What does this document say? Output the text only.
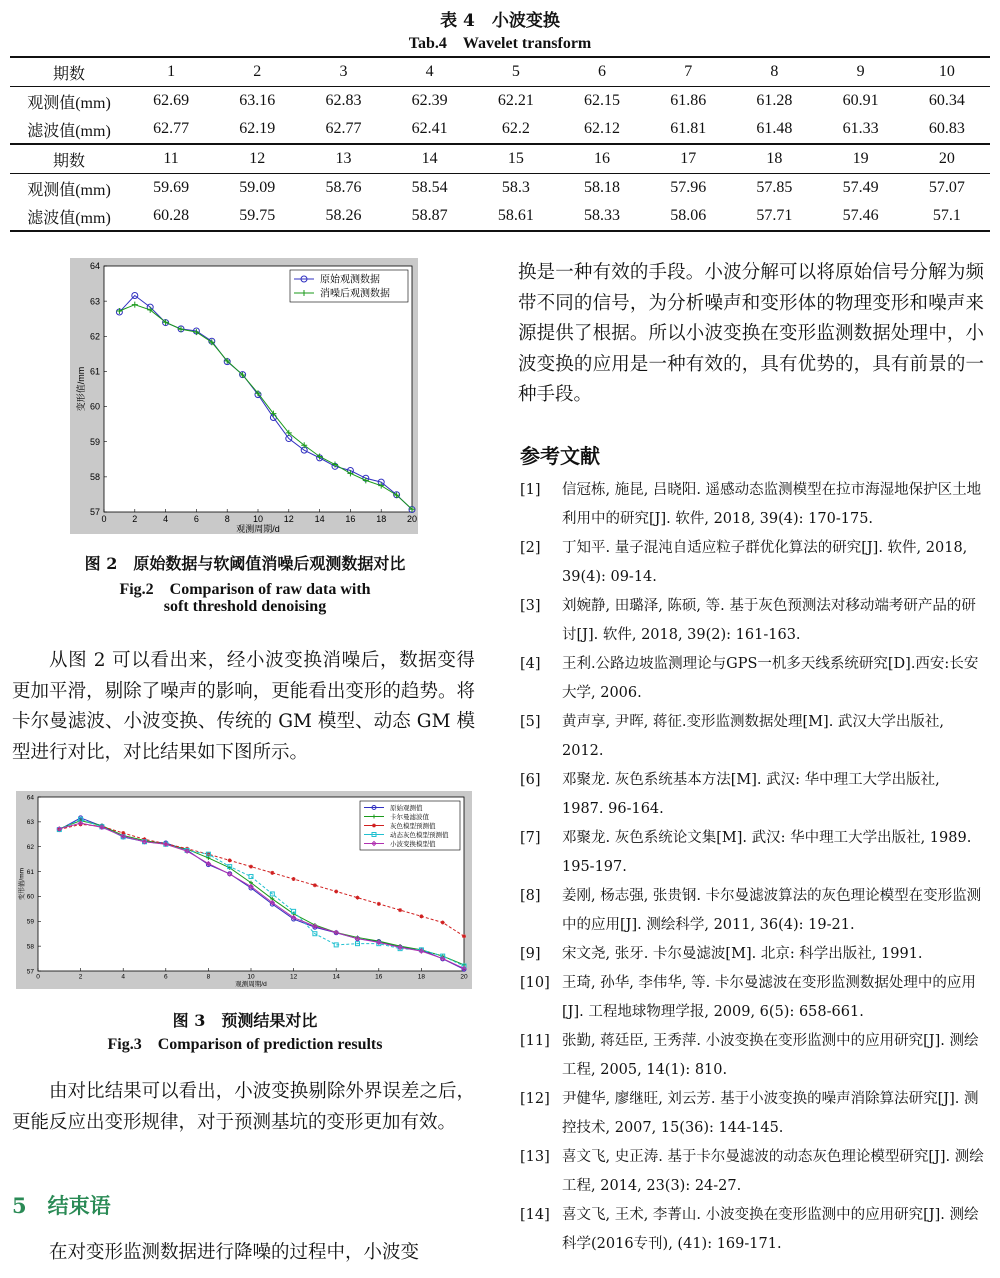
表 4　小波变换
Tab.4　Wavelet transform
期数	1	2	3	4	5	6	7	8	9	10
观测值(mm)	62.69	63.16	62.83	62.39	62.21	62.15	61.86	61.28	60.91	60.34
滤波值(mm)	62.77	62.19	62.77	62.41	62.2	62.12	61.81	61.48	61.33	60.83
期数	11	12	13	14	15	16	17	18	19	20
观测值(mm)	59.69	59.09	58.76	58.54	58.3	58.18	57.96	57.85	57.49	57.07
滤波值(mm)	60.28	59.75	58.26	58.87	58.61	58.33	58.06	57.71	57.46	57.1
0	2	4	6	8	10 12 14 16 18 20
57
58
59
60
61
62
63
64
观测周期/d
变形值/mm
原始观测数据
消噪后观测数据
图 2　原始数据与软阈值消噪后观测数据对比
Fig.2　Comparison of raw data with
soft threshold denoising

从图 2 可以看出来，经小波变换消噪后，数据变得更加平滑，剔除了噪声的影响，更能看出变形的趋势。将卡尔曼滤波、小波变换、传统的 GM 模型、动态 GM 模型进行对比，对比结果如下图所示。

0	2	4	6	8	10	12	14	16	18	20
57
58
59
60
61
62
63
64
观测周期/d
变形值/mm
原始观测值
卡尔曼滤波值
灰色模型预测值
动态灰色模型预测值
小波变换模型值
图 3　预测结果对比
Fig.3　Comparison of prediction results

由对比结果可以看出，小波变换剔除外界误差之后，更能反应出变形规律，对于预测基坑的变形更加有效。

5　结束语

在对变形监测数据进行降噪的过程中，小波变

换是一种有效的手段。小波分解可以将原始信号分解为频带不同的信号，为分析噪声和变形体的物理变形和噪声来源提供了根据。所以小波变换在变形监测数据处理中，小波变换的应用是一种有效的，具有优势的，具有前景的一种手段。

参考文献
[1] 信冠栋, 施昆, 吕晓阳. 遥感动态监测模型在拉市海湿地保护区土地利用中的研究[J]. 软件, 2018, 39(4): 170-175.
[2] 丁知平. 量子混沌自适应粒子群优化算法的研究[J]. 软件, 2018, 39(4): 09-14.
[3] 刘婉静, 田璐泽, 陈硕, 等. 基于灰色预测法对移动端考研产品的研讨[J]. 软件, 2018, 39(2): 161-163.
[4] 王利.公路边坡监测理论与GPS一机多天线系统研究[D].西安:长安大学, 2006.
[5] 黄声享, 尹晖, 蒋征.变形监测数据处理[M]. 武汉大学出版社, 2012.
[6] 邓聚龙. 灰色系统基本方法[M]. 武汉: 华中理工大学出版社, 1987. 96-164.
[7] 邓聚龙. 灰色系统论文集[M]. 武汉: 华中理工大学出版社, 1989. 195-197.
[8] 姜刚, 杨志强, 张贵钢. 卡尔曼滤波算法的灰色理论模型在变形监测中的应用[J]. 测绘科学, 2011, 36(4): 19-21.
[9] 宋文尧, 张牙. 卡尔曼滤波[M]. 北京: 科学出版社, 1991.
[10] 王琦, 孙华, 李伟华, 等. 卡尔曼滤波在变形监测数据处理中的应用[J]. 工程地球物理学报, 2009, 6(5): 658-661.
[11] 张勤, 蒋廷臣, 王秀萍. 小波变换在变形监测中的应用研究[J]. 测绘工程, 2005, 14(1): 810.
[12] 尹健华, 廖继旺, 刘云芳. 基于小波变换的噪声消除算法研究[J]. 测控技术, 2007, 15(36): 144-145.
[13] 喜文飞, 史正涛. 基于卡尔曼滤波的动态灰色理论模型研究[J]. 测绘工程, 2014, 23(3): 24-27.
[14] 喜文飞, 王术, 李菁山. 小波变换在变形监测中的应用研究[J]. 测绘科学(2016专刊), (41): 169-171.
